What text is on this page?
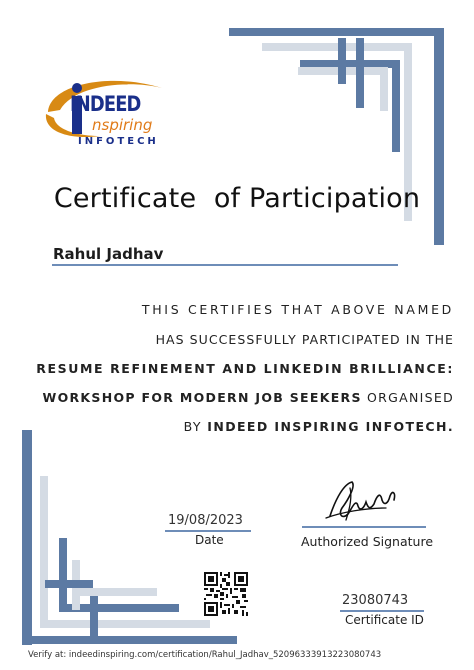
INDEED
nspiring
INFOTECH
Certificate  of Participation
Rahul Jadhav
THIS CERTIFIES THAT ABOVE NAMED
HAS SUCCESSFULLY PARTICIPATED IN THE
RESUME REFINEMENT AND LINKEDIN BRILLIANCE:
WORKSHOP FOR MODERN JOB SEEKERS ORGANISED
BY INDEED INSPIRING INFOTECH.
19/08/2023
Date	Authorized Signature
23080743
Certificate ID
Verify at: indeedinspiring.com/certification/Rahul_Jadhav_52096333913223080743
